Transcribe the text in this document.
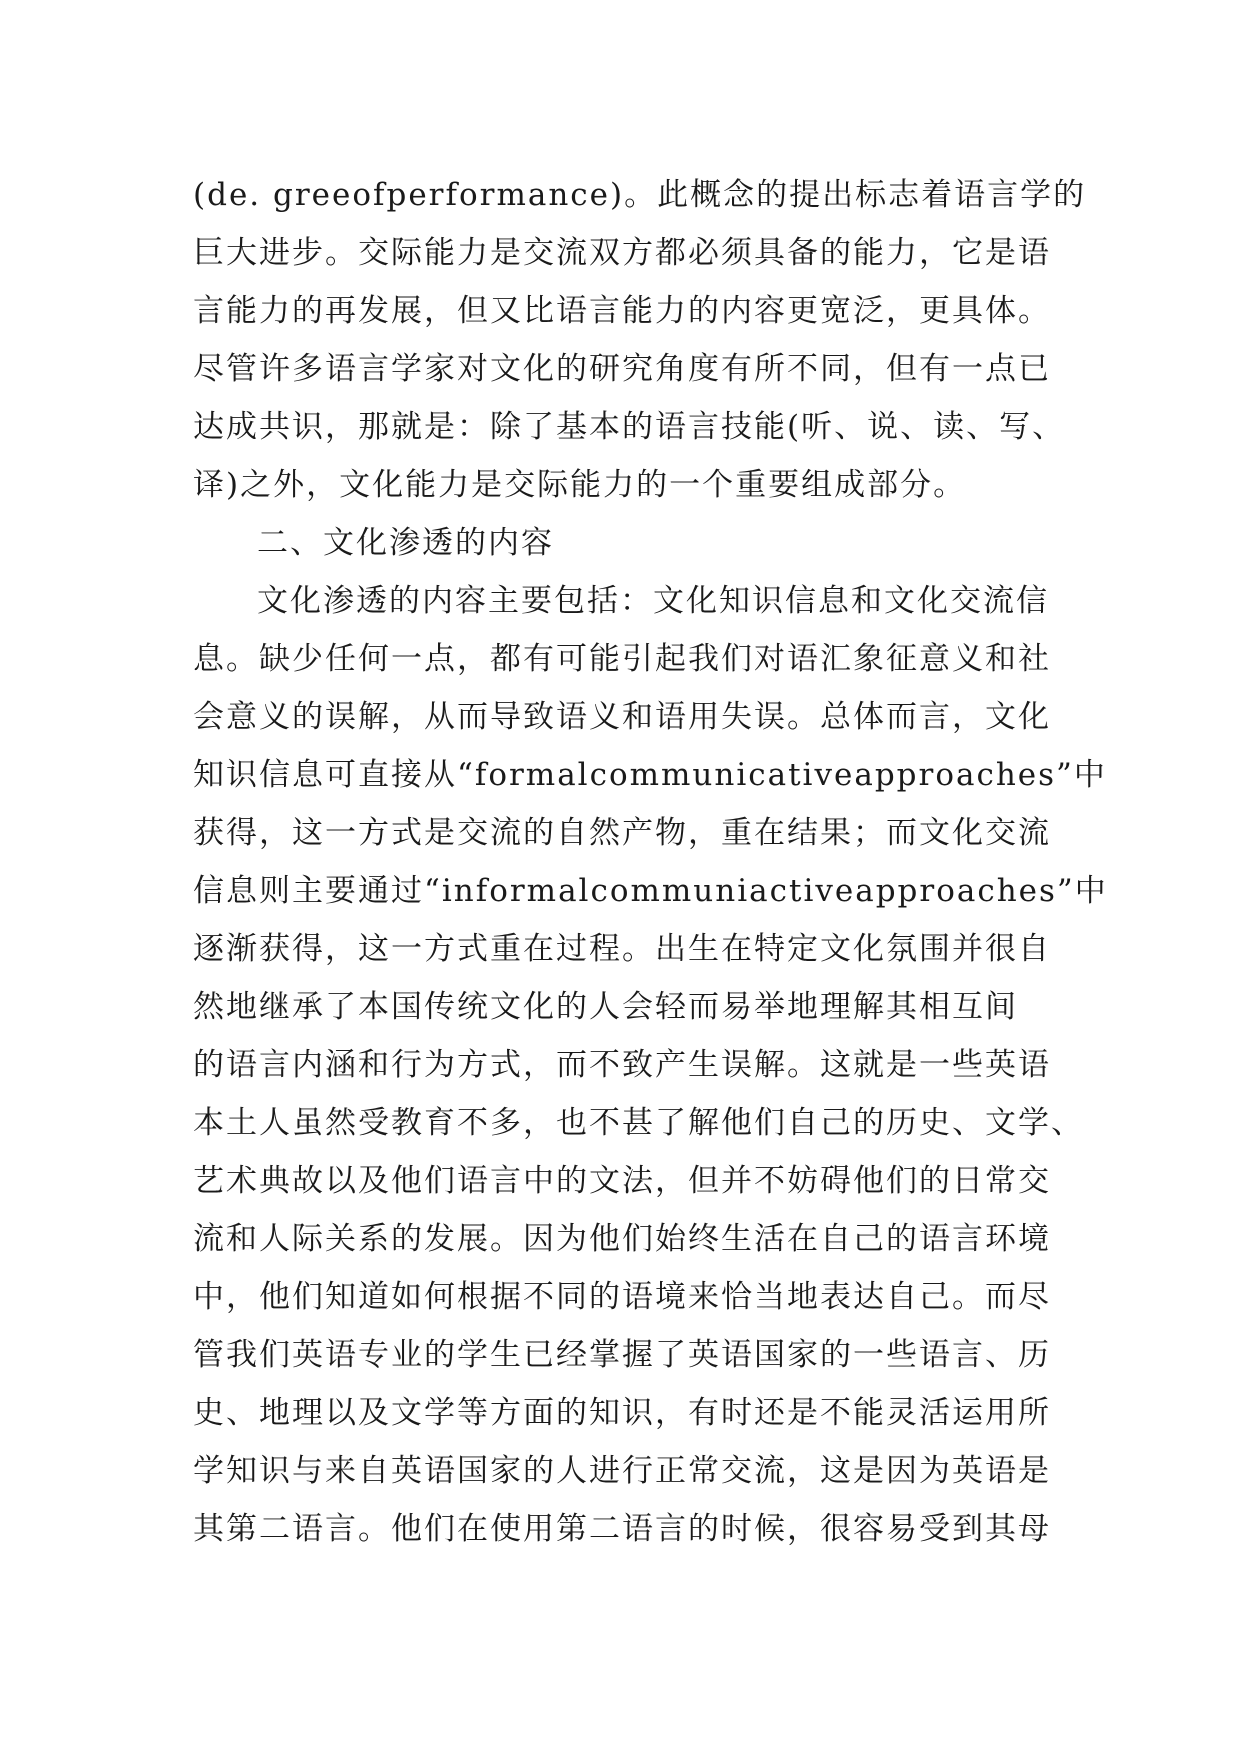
(de. greeofperformance)。此概念的提出标志着语言学的
巨大进步。交际能力是交流双方都必须具备的能力，它是语
言能力的再发展，但又比语言能力的内容更宽泛，更具体。
尽管许多语言学家对文化的研究角度有所不同，但有一点已
达成共识，那就是：除了基本的语言技能(听、说、读、写、
译)之外，文化能力是交际能力的一个重要组成部分。
二、文化渗透的内容
文化渗透的内容主要包括：文化知识信息和文化交流信
息。缺少任何一点，都有可能引起我们对语汇象征意义和社
会意义的误解，从而导致语义和语用失误。总体而言，文化
知识信息可直接从“formalcommunicativeapproaches”中
获得，这一方式是交流的自然产物，重在结果；而文化交流
信息则主要通过“informalcommuniactiveapproaches”中
逐渐获得，这一方式重在过程。出生在特定文化氛围并很自
然地继承了本国传统文化的人会轻而易举地理解其相互间
的语言内涵和行为方式，而不致产生误解。这就是一些英语
本土人虽然受教育不多，也不甚了解他们自己的历史、文学、
艺术典故以及他们语言中的文法，但并不妨碍他们的日常交
流和人际关系的发展。因为他们始终生活在自己的语言环境
中，他们知道如何根据不同的语境来恰当地表达自己。而尽
管我们英语专业的学生已经掌握了英语国家的一些语言、历
史、地理以及文学等方面的知识，有时还是不能灵活运用所
学知识与来自英语国家的人进行正常交流，这是因为英语是
其第二语言。他们在使用第二语言的时候，很容易受到其母
